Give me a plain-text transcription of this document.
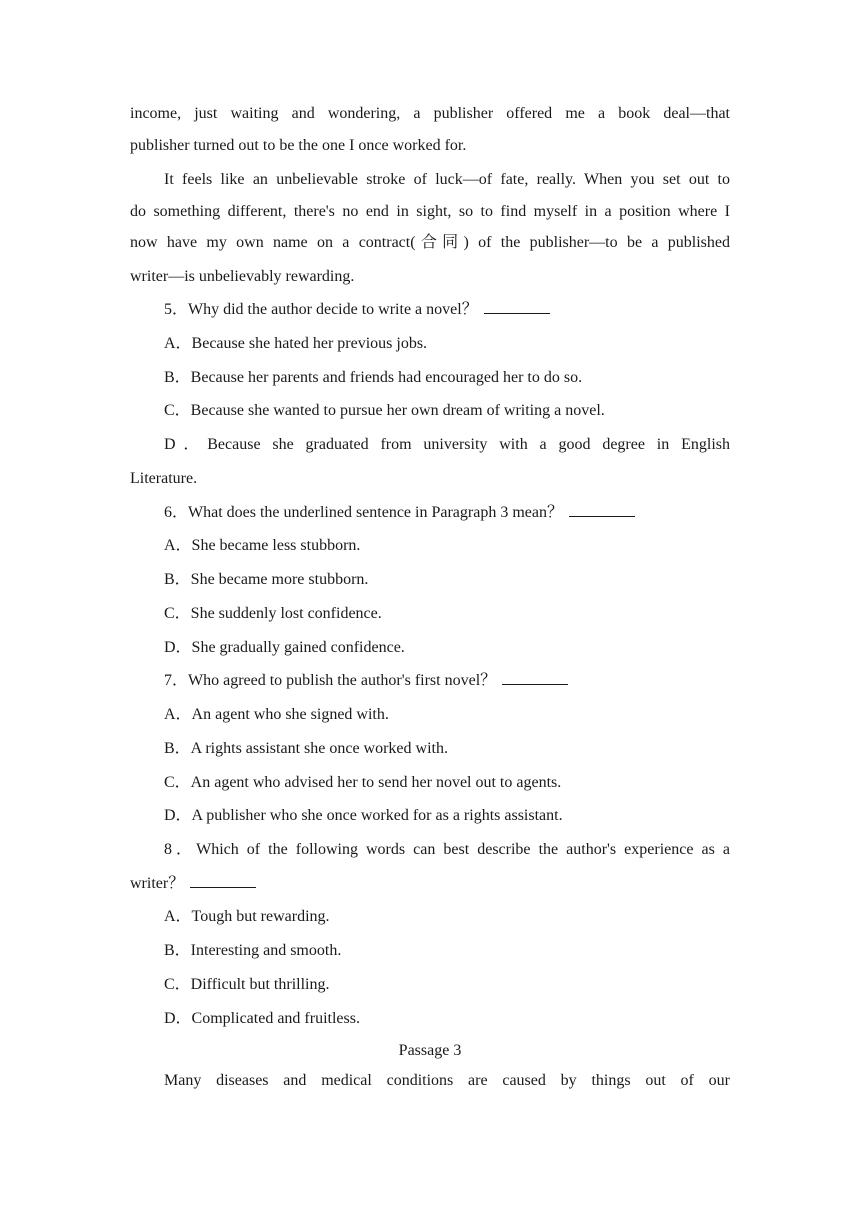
income, just waiting and wondering, a publisher offered me a book deal—that
publisher turned out to be the one I once worked for.
It feels like an unbelievable stroke of luck—of fate, really. When you set out to
do something different, there's no end in sight, so to find myself in a position where I
now have my own name on a contract(合同) of the publisher—to be a published
writer—is unbelievably rewarding.
5．Why did the author decide to write a novel？
A．Because she hated her previous jobs.
B．Because her parents and friends had encouraged her to do so.
C．Because she wanted to pursue her own dream of writing a novel.
D．Because she graduated from university with a good degree in English
Literature.
6．What does the underlined sentence in Paragraph 3 mean？
A．She became less stubborn.
B．She became more stubborn.
C．She suddenly lost confidence.
D．She gradually gained confidence.
7．Who agreed to publish the author's first novel？
A．An agent who she signed with.
B．A rights assistant she once worked with.
C．An agent who advised her to send her novel out to agents.
D．A publisher who she once worked for as a rights assistant.
8．Which of the following words can best describe the author's experience as a
writer？
A．Tough but rewarding.
B．Interesting and smooth.
C．Difficult but thrilling.
D．Complicated and fruitless.
Passage 3
Many diseases and medical conditions are caused by things out of our
